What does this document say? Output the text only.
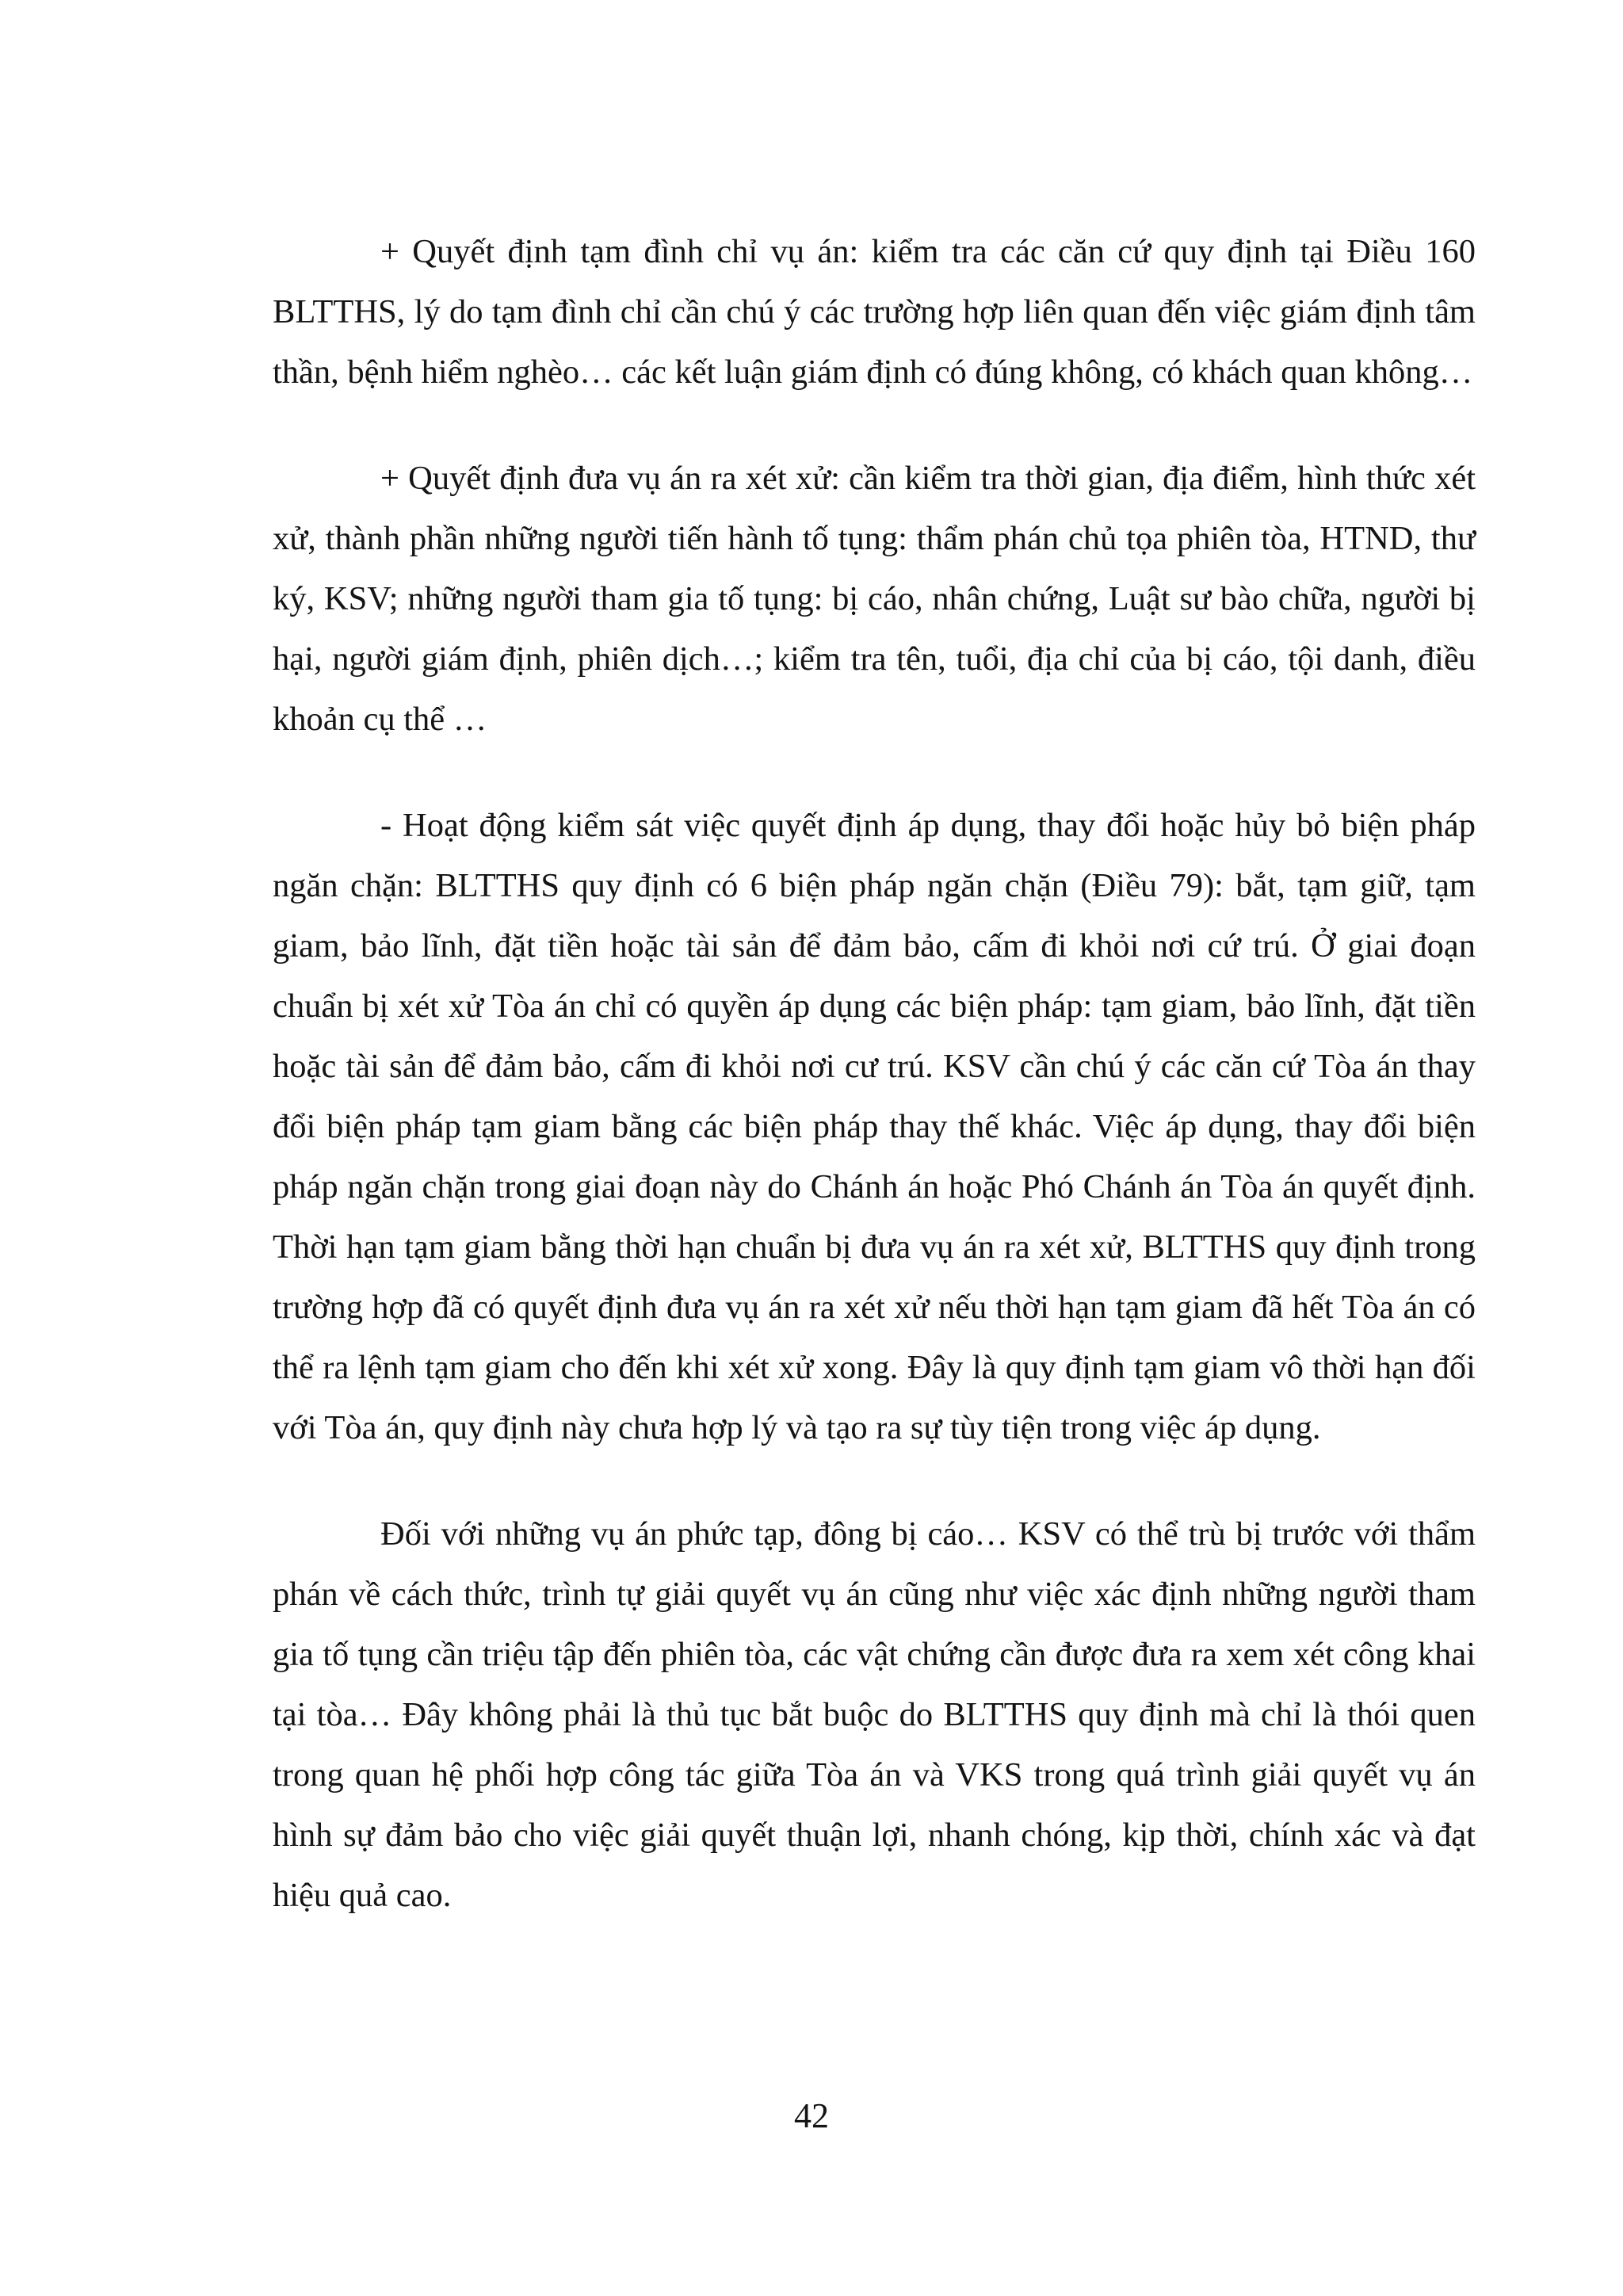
+ Quyết định tạm đình chỉ vụ án: kiểm tra các căn cứ quy định tại Điều 160 BLTTHS, lý do tạm đình chỉ cần chú ý các trường hợp liên quan đến việc giám định tâm thần, bệnh hiểm nghèo… các kết luận giám định có đúng không, có khách quan không…

+ Quyết định đưa vụ án ra xét xử: cần kiểm tra thời gian, địa điểm, hình thức xét xử, thành phần những người tiến hành tố tụng: thẩm phán chủ tọa phiên tòa, HTND, thư ký, KSV; những người tham gia tố tụng: bị cáo, nhân chứng, Luật sư bào chữa, người bị hại, người giám định, phiên dịch…; kiểm tra tên, tuổi, địa chỉ của bị cáo, tội danh, điều khoản cụ thể …

- Hoạt động kiểm sát việc quyết định áp dụng, thay đổi hoặc hủy bỏ biện pháp ngăn chặn: BLTTHS quy định có 6 biện pháp ngăn chặn (Điều 79): bắt, tạm giữ, tạm giam, bảo lĩnh, đặt tiền hoặc tài sản để đảm bảo, cấm đi khỏi nơi cứ trú. Ở giai đoạn chuẩn bị xét xử Tòa án chỉ có quyền áp dụng các biện pháp: tạm giam, bảo lĩnh, đặt tiền hoặc tài sản để đảm bảo, cấm đi khỏi nơi cư trú. KSV cần chú ý các căn cứ Tòa án thay đổi biện pháp tạm giam bằng các biện pháp thay thế khác. Việc áp dụng, thay đổi biện pháp ngăn chặn trong giai đoạn này do Chánh án hoặc Phó Chánh án Tòa án quyết định. Thời hạn tạm giam bằng thời hạn chuẩn bị đưa vụ án ra xét xử, BLTTHS quy định trong trường hợp đã có quyết định đưa vụ án ra xét xử nếu thời hạn tạm giam đã hết Tòa án có thể ra lệnh tạm giam cho đến khi xét xử xong. Đây là quy định tạm giam vô thời hạn đối với Tòa án, quy định này chưa hợp lý và tạo ra sự tùy tiện trong việc áp dụng.

Đối với những vụ án phức tạp, đông bị cáo… KSV có thể trù bị trước với thẩm phán về cách thức, trình tự giải quyết vụ án cũng như việc xác định những người tham gia tố tụng cần triệu tập đến phiên tòa, các vật chứng cần được đưa ra xem xét công khai tại tòa… Đây không phải là thủ tục bắt buộc do BLTTHS quy định mà chỉ là thói quen trong quan hệ phối hợp công tác giữa Tòa án và VKS trong quá trình giải quyết vụ án hình sự đảm bảo cho việc giải quyết thuận lợi, nhanh chóng, kịp thời, chính xác và đạt hiệu quả cao.

42
